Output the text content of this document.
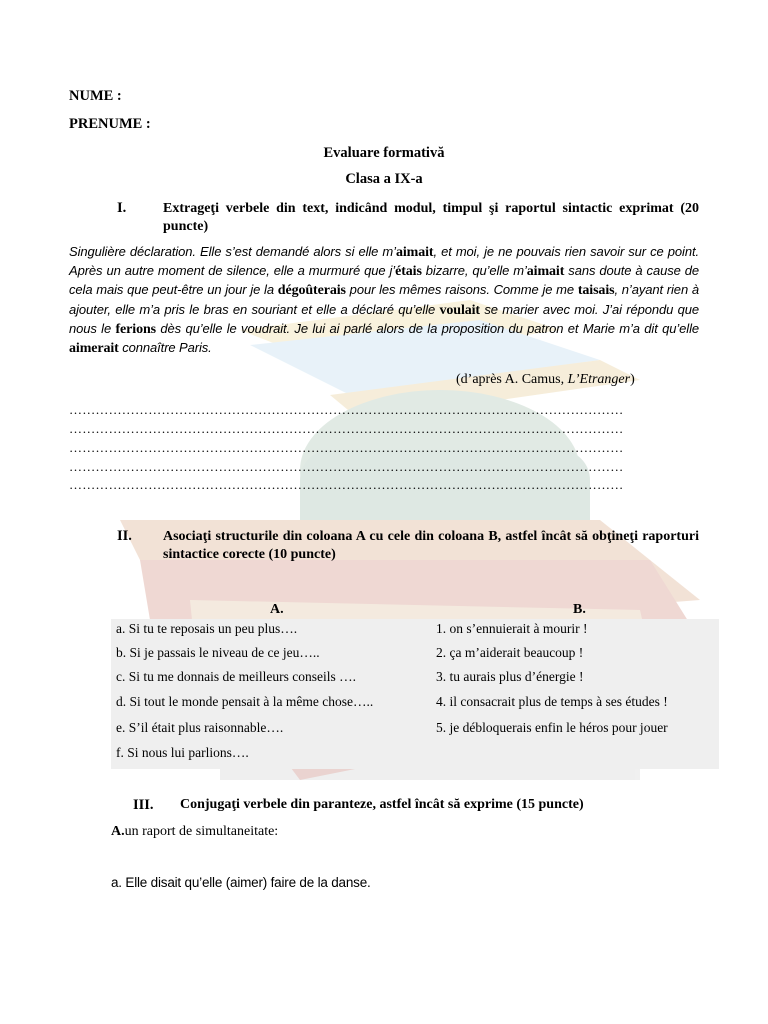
NUME :
PRENUME :
Evaluare formativă
Clasa a IX-a
I.	Extrageţi verbele din text, indicând modul, timpul şi raportul sintactic exprimat (20 puncte)
Singulière déclaration. Elle s’est demandé alors si elle m’aimait, et moi, je ne pouvais rien savoir sur ce point. Après un autre moment de silence, elle a murmuré que j’étais bizarre, qu’elle m’aimait sans doute à cause de cela mais que peut-être un jour je la dégoûterais pour les mêmes raisons. Comme je me taisais, n’ayant rien à ajouter, elle m’a pris le bras en souriant et elle a déclaré qu’elle voulait se marier avec moi. J’ai répondu que nous le ferions dès qu’elle le voudrait. Je lui ai parlé alors de la proposition du patron et Marie m’a dit qu’elle aimerait connaître Paris.
(d’après A. Camus, L’Etranger)
………………………………………………………………………………………………………………
………………………………………………………………………………………………………………
………………………………………………………………………………………………………………
………………………………………………………………………………………………………………
………………………………………………………………………………………………………………
II. Asociaţi structurile din coloana A cu cele din coloana B, astfel încât să obţineţi raporturi sintactice corecte (10 puncte)
A.	B.
a. Si tu te reposais un peu plus….
b. Si je passais le niveau de ce jeu…..
c. Si tu me donnais de meilleurs conseils ….
d. Si tout le monde pensait à la même chose…..
e. S’il était plus raisonnable….
f. Si nous lui parlions….
1. on s’ennuierait à mourir !
2. ça m’aiderait beaucoup !
3. tu aurais plus d’énergie !
4. il consacrait plus de temps à ses études !
5. je débloquerais enfin le héros pour jouer
III. Conjugaţi verbele din paranteze, astfel încât să exprime (15 puncte)
A.un raport de simultaneitate:
a. Elle disait qu’elle (aimer) faire de la danse.
